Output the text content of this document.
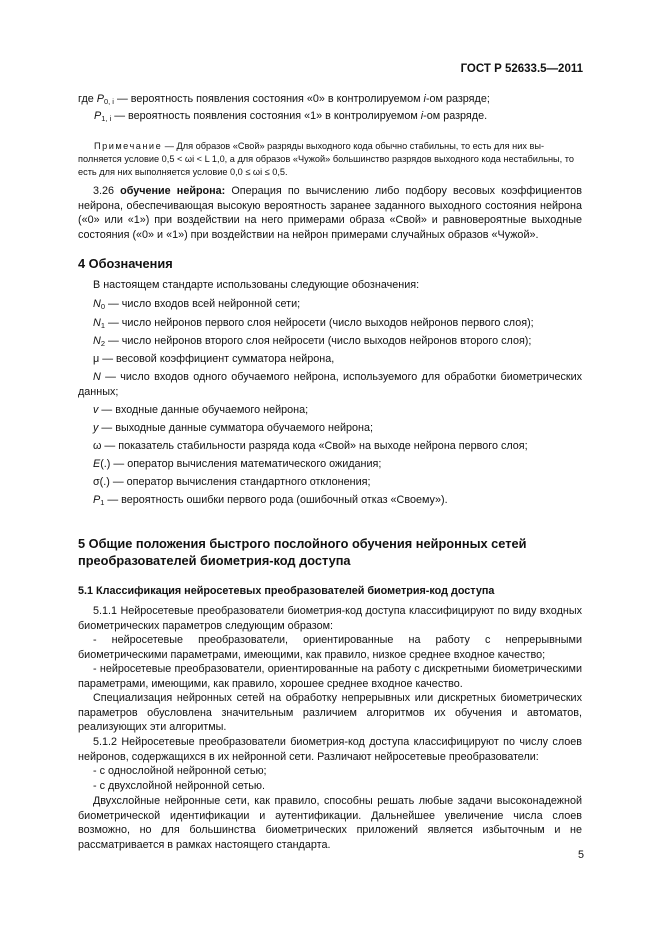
ГОСТ Р 52633.5—2011
где $P_{0, i}$ — вероятность появления состояния «0» в контролируемом i-ом разряде;
$P_{1, i}$ — вероятность появления состояния «1» в контролируемом i-ом разряде.
Примечание — Для образов «Свой» разряды выходного кода обычно стабильны, то есть для них вы-
полняется условие 0,5 < ωi < L 1,0, а для образов «Чужой» большинство разрядов выходного кода нестабильны, то
есть для них выполняется условие 0,0 ≤ ωi ≤ 0,5.
3.26 обучение нейрона: Операция по вычислению либо подбору весовых коэффициентов нейрона, обеспечивающая высокую вероятность заранее заданного выходного состояния нейрона («0» или «1») при воздействии на него примерами образа «Свой» и равновероятные выходные состояния («0» и «1») при воздействии на нейрон примерами случайных образов «Чужой».
4 Обозначения
В настоящем стандарте использованы следующие обозначения:
$N_0$ — число входов всей нейронной сети;
$N_1$ — число нейронов первого слоя нейросети (число выходов нейронов первого слоя);
$N_2$ — число нейронов второго слоя нейросети (число выходов нейронов второго слоя);
μ — весовой коэффициент сумматора нейрона,
N — число входов одного обучаемого нейрона, используемого для обработки биометрических данных;
v — входные данные обучаемого нейрона;
y — выходные данные сумматора обучаемого нейрона;
ω — показатель стабильности разряда кода «Свой» на выходе нейрона первого слоя;
E(.) — оператор вычисления математического ожидания;
σ(.) — оператор вычисления стандартного отклонения;
$P_1$ — вероятность ошибки первого рода (ошибочный отказ «Своему»).
5 Общие положения быстрого послойного обучения нейронных сетей
преобразователей биометрия-код доступа
5.1 Классификация нейросетевых преобразователей биометрия-код доступа
5.1.1 Нейросетевые преобразователи биометрия-код доступа классифицируют по виду входных биометрических параметров следующим образом:
- нейросетевые преобразователи, ориентированные на работу с непрерывными биометрическими параметрами, имеющими, как правило, низкое среднее входное качество;
- нейросетевые преобразователи, ориентированные на работу с дискретными биометрическими параметрами, имеющими, как правило, хорошее среднее входное качество.
Специализация нейронных сетей на обработку непрерывных или дискретных биометрических параметров обусловлена значительным различием алгоритмов их обучения и автоматов, реализующих эти алгоритмы.
5.1.2 Нейросетевые преобразователи биометрия-код доступа классифицируют по числу слоев нейронов, содержащихся в их нейронной сети. Различают нейросетевые преобразователи:
- с однослойной нейронной сетью;
- с двухслойной нейронной сетью.
Двухслойные нейронные сети, как правило, способны решать любые задачи высоконадежной биометрической идентификации и аутентификации. Дальнейшее увеличение числа слоев возможно, но для большинства биометрических приложений является избыточным и не рассматривается в рамках настоящего стандарта.
5
